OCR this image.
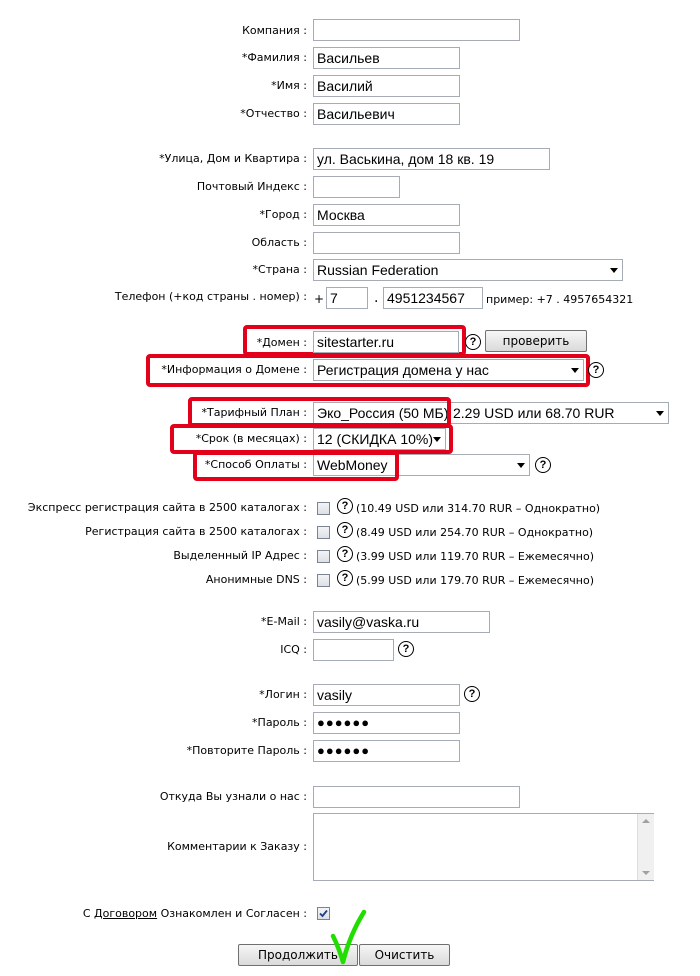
Компания :
*Фамилия : Васильев
*Имя : Василий
*Отчество : Васильевич
*Улица, Дом и Квартира : ул. Васькина, дом 18 кв. 19
Почтовый Индекс :
*Город : Москва
Область :
*Страна : Russian Federation
Телефон (+код страны . номер) : + 7	. 4951234567	пример: +7 . 4957654321
*Домен : sitestarter.ru	?	проверить
*Информация о Домене : Регистрация домена у нас	?
*Тарифный План : Эко_Россия (50 МБ) 2.29 USD или 68.70 RUR
*Срок (в месяцах) : 12 (СКИДКА 10%)
*Способ Оплаты : WebMoney	?
Экспресс регистрация сайта в 2500 каталогах :	? (10.49 USD или 314.70 RUR – Однократно)
Регистрация сайта в 2500 каталогах :	? (8.49 USD или 254.70 RUR – Однократно)
Выделенный IP Адрес :	? (3.99 USD или 119.70 RUR – Ежемесячно)
Анонимные DNS :	? (5.99 USD или 179.70 RUR – Ежемесячно)
*E-Mail : vasily@vaska.ru
ICQ :	?
*Логин : vasily	?
*Пароль : ●●●●●●
*Повторите Пароль : ●●●●●●
Откуда Вы узнали о нас :
Комментарии к Заказу :
С Договором Ознакомлен и Согласен :
Продолжить	Очистить
